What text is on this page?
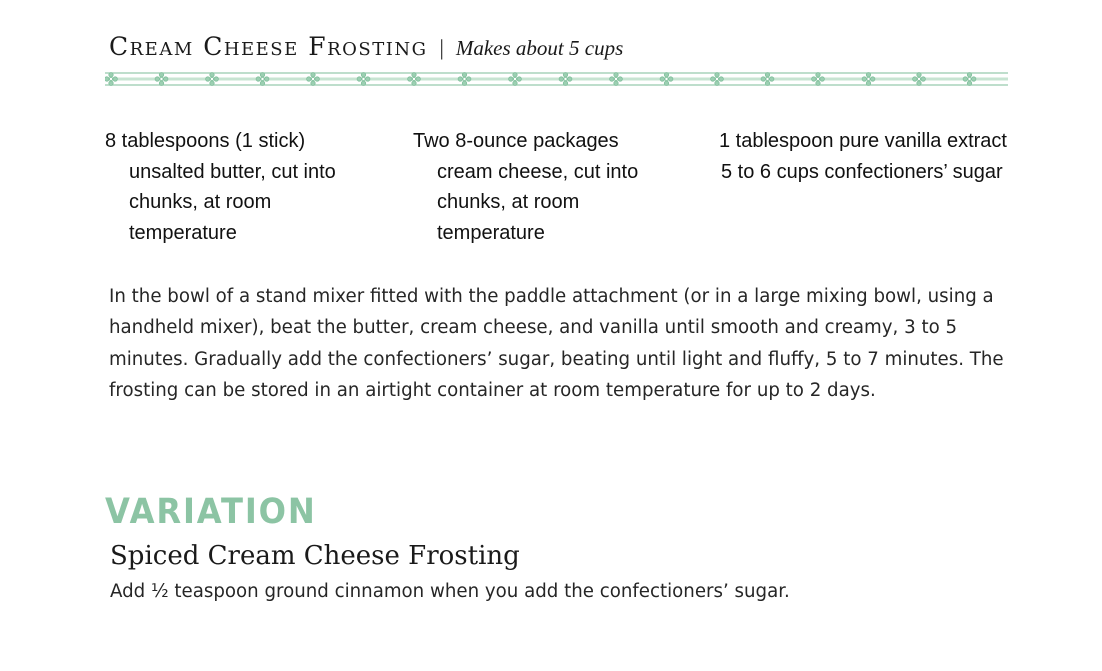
Cream Cheese Frosting | Makes about 5 cups
8 tablespoons (1 stick) unsalted butter, cut into chunks, at room temperature
Two 8-ounce packages cream cheese, cut into chunks, at room temperature
1 tablespoon pure vanilla extract
5 to 6 cups confectioners’ sugar

In the bowl of a stand mixer fitted with the paddle attachment (or in a large mixing bowl, using a handheld mixer), beat the butter, cream cheese, and vanilla until smooth and creamy, 3 to 5 minutes. Gradually add the confectioners’ sugar, beating until light and fluffy, 5 to 7 minutes. The frosting can be stored in an airtight container at room temperature for up to 2 days.

VARIATION
Spiced Cream Cheese Frosting
Add ½ teaspoon ground cinnamon when you add the confectioners’ sugar.
